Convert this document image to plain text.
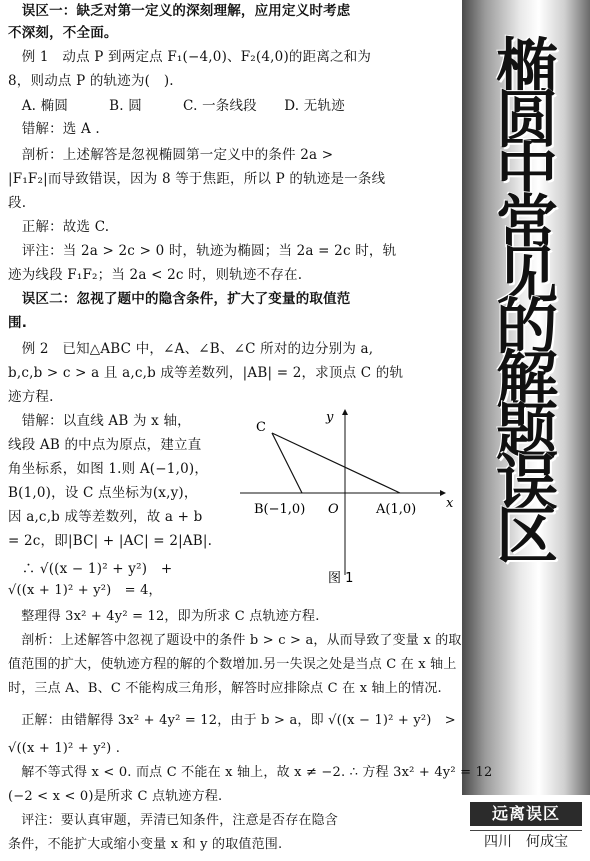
椭
圆
中
常
见
的
解
题
误
区
　误区一：缺乏对第一定义的深刻理解，应用定义时考虑
不深刻，不全面。
　例 1　动点 P 到两定点 F₁(−4,0)、F₂(4,0)的距离之和为
8，则动点 P 的轨迹为(　).
　A. 椭圆　　　B. 圆　　　C. 一条线段　　D. 无轨迹
　错解：选 A .
　剖析：上述解答是忽视椭圆第一定义中的条件 2a >
|F₁F₂|而导致错误，因为 8 等于焦距，所以 P 的轨迹是一条线
段.
　正解：故选 C.
　评注：当 2a > 2c > 0 时，轨迹为椭圆；当 2a = 2c 时，轨
迹为线段 F₁F₂；当 2a < 2c 时，则轨迹不存在.
　误区二：忽视了题中的隐含条件，扩大了变量的取值范
围.
　例 2　已知△ABC 中，∠A、∠B、∠C 所对的边分别为 a,
b,c,b > c > a 且 a,c,b 成等差数列，|AB| = 2，求顶点 C 的轨
迹方程.
　错解：以直线 AB 为 x 轴，
线段 AB 的中点为原点，建立直
角坐标系，如图 1.则 A(−1,0)，
B(1,0)，设 C 点坐标为(x,y)，
因 a,c,b 成等差数列，故 a + b
= 2c，即|BC| + |AC| = 2|AB|.
　∴ √((x − 1)² + y²)　+
√((x + 1)² + y²)　= 4，
　整理得 3x² + 4y² = 12，即为所求 C 点轨迹方程.
　剖析：上述解答中忽视了题设中的条件 b > c > a，从而导致了变量 x 的取
值范围的扩大，使轨迹方程的解的个数增加.另一失误之处是当点 C 在 x 轴上
时，三点 A、B、C 不能构成三角形，解答时应排除点 C 在 x 轴上的情况.
　正解：由错解得 3x² + 4y² = 12，由于 b > a，即 √((x − 1)² + y²)　>
√((x + 1)² + y²) .
　解不等式得 x < 0. 而点 C 不能在 x 轴上，故 x ≠ −2. ∴ 方程 3x² + 4y² = 12
(−2 < x < 0)是所求 C 点轨迹方程.
　评注：要认真审题，弄清已知条件，注意是否存在隐含
条件，不能扩大或缩小变量 x 和 y 的取值范围.
x
y
C
B(−1,0) O	A(1,0)
图 1
远离误区
四川　何成宝
